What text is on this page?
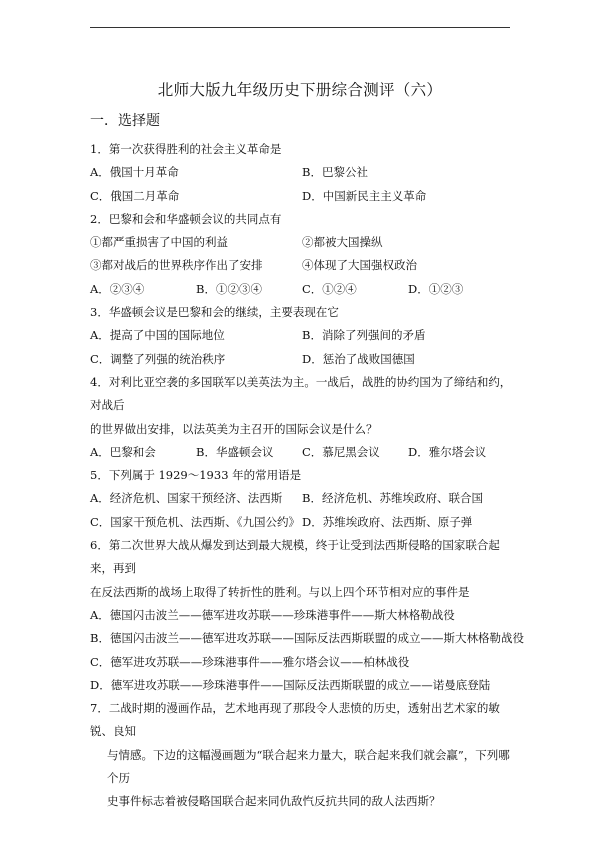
北师大版九年级历史下册综合测评（六）
一．选择题
1．第一次获得胜利的社会主义革命是
A．俄国十月革命	B．巴黎公社
C．俄国二月革命	D．中国新民主主义革命
2．巴黎和会和华盛顿会议的共同点有
①都严重损害了中国的利益	②都被大国操纵
③都对战后的世界秩序作出了安排	④体现了大国强权政治
A．②③④	B．①②③④	C．①②④	D．①②③
3．华盛顿会议是巴黎和会的继续，主要表现在它
A．提高了中国的国际地位	B．消除了列强间的矛盾
C．调整了列强的统治秩序	D．惩治了战败国德国
4．对利比亚空袭的多国联军以美英法为主。一战后，战胜的协约国为了缔结和约，对战后
的世界做出安排，以法英美为主召开的国际会议是什么？
A．巴黎和会	B．华盛顿会议	C．慕尼黑会议	D．雅尔塔会议
5．下列属于 1929～1933 年的常用语是
A．经济危机、国家干预经济、法西斯	B．经济危机、苏维埃政府、联合国
C．国家干预危机、法西斯、《九国公约》 D．苏维埃政府、法西斯、原子弹
6．第二次世界大战从爆发到达到最大规模，终于让受到法西斯侵略的国家联合起来，再到
在反法西斯的战场上取得了转折性的胜利。与以上四个环节相对应的事件是
A．德国闪击波兰——德军进攻苏联——珍珠港事件——斯大林格勒战役
B．德国闪击波兰——德军进攻苏联——国际反法西斯联盟的成立——斯大林格勒战役
C．德军进攻苏联——珍珠港事件——雅尔塔会议——柏林战役
D．德军进攻苏联——珍珠港事件——国际反法西斯联盟的成立——诺曼底登陆
7．二战时期的漫画作品，艺术地再现了那段令人悲愤的历史，透射出艺术家的敏锐、良知
与情感。下边的这幅漫画题为“联合起来力量大，联合起来我们就会赢”，下列哪个历
史事件标志着被侵略国联合起来同仇敌忾反抗共同的敌人法西斯？
